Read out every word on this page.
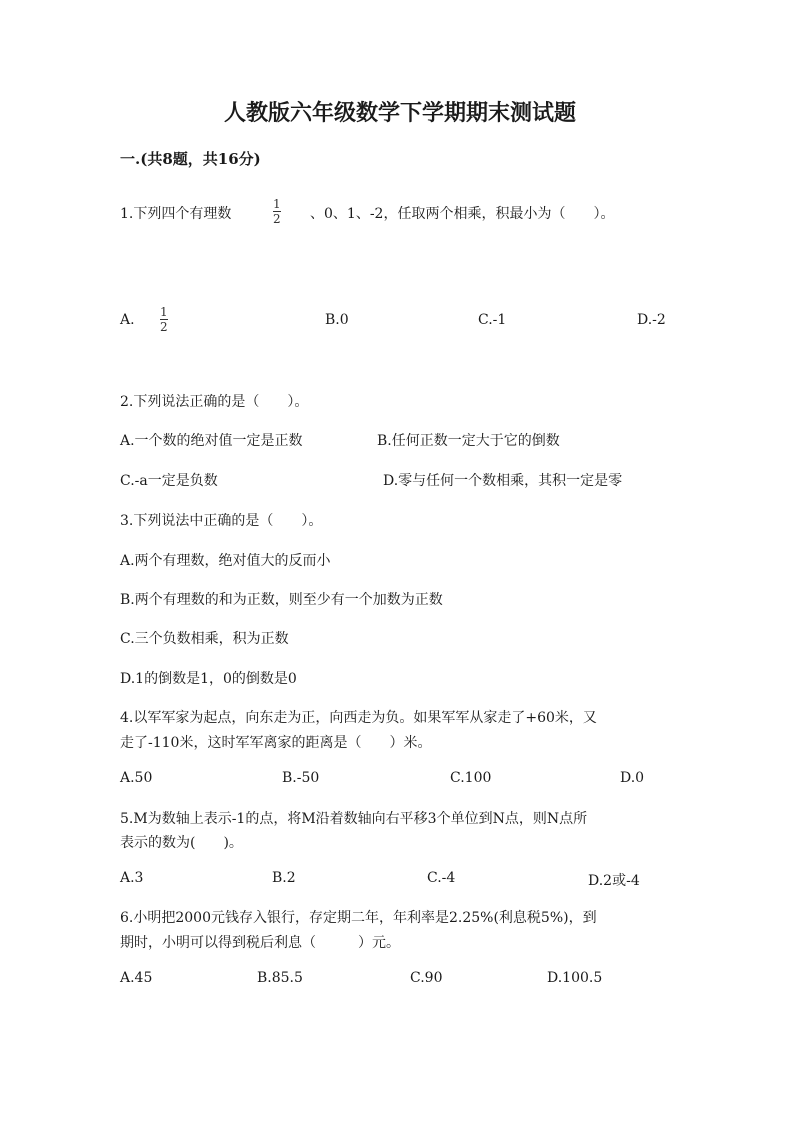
人教版六年级数学下学期期末测试题
一.(共8题，共16分)
1.下列四个有理数	$\frac{1}{2}$ 、0、1、-2，任取两个相乘，积最小为（　　）。
A. $\frac{1}{2}$	B.0	C.-1	D.-2
2.下列说法正确的是（　　）。
A.一个数的绝对值一定是正数	B.任何正数一定大于它的倒数
C.-a一定是负数	D.零与任何一个数相乘，其积一定是零
3.下列说法中正确的是（　　）。
A.两个有理数，绝对值大的反而小
B.两个有理数的和为正数，则至少有一个加数为正数
C.三个负数相乘，积为正数
D.1的倒数是1，0的倒数是0
4.以军军家为起点，向东走为正，向西走为负。如果军军从家走了+60米，又
走了-110米，这时军军离家的距离是（　　）米。
A.50	B.-50	C.100	D.0
5.M为数轴上表示-1的点，将M沿着数轴向右平移3个单位到N点，则N点所
表示的数为(　　)。
A.3	B.2	C.-4	D.2或-4
6.小明把2000元钱存入银行，存定期二年，年利率是2.25%(利息税5%)，到
期时，小明可以得到税后利息（　　　）元。
A.45	B.85.5	C.90	D.100.5
